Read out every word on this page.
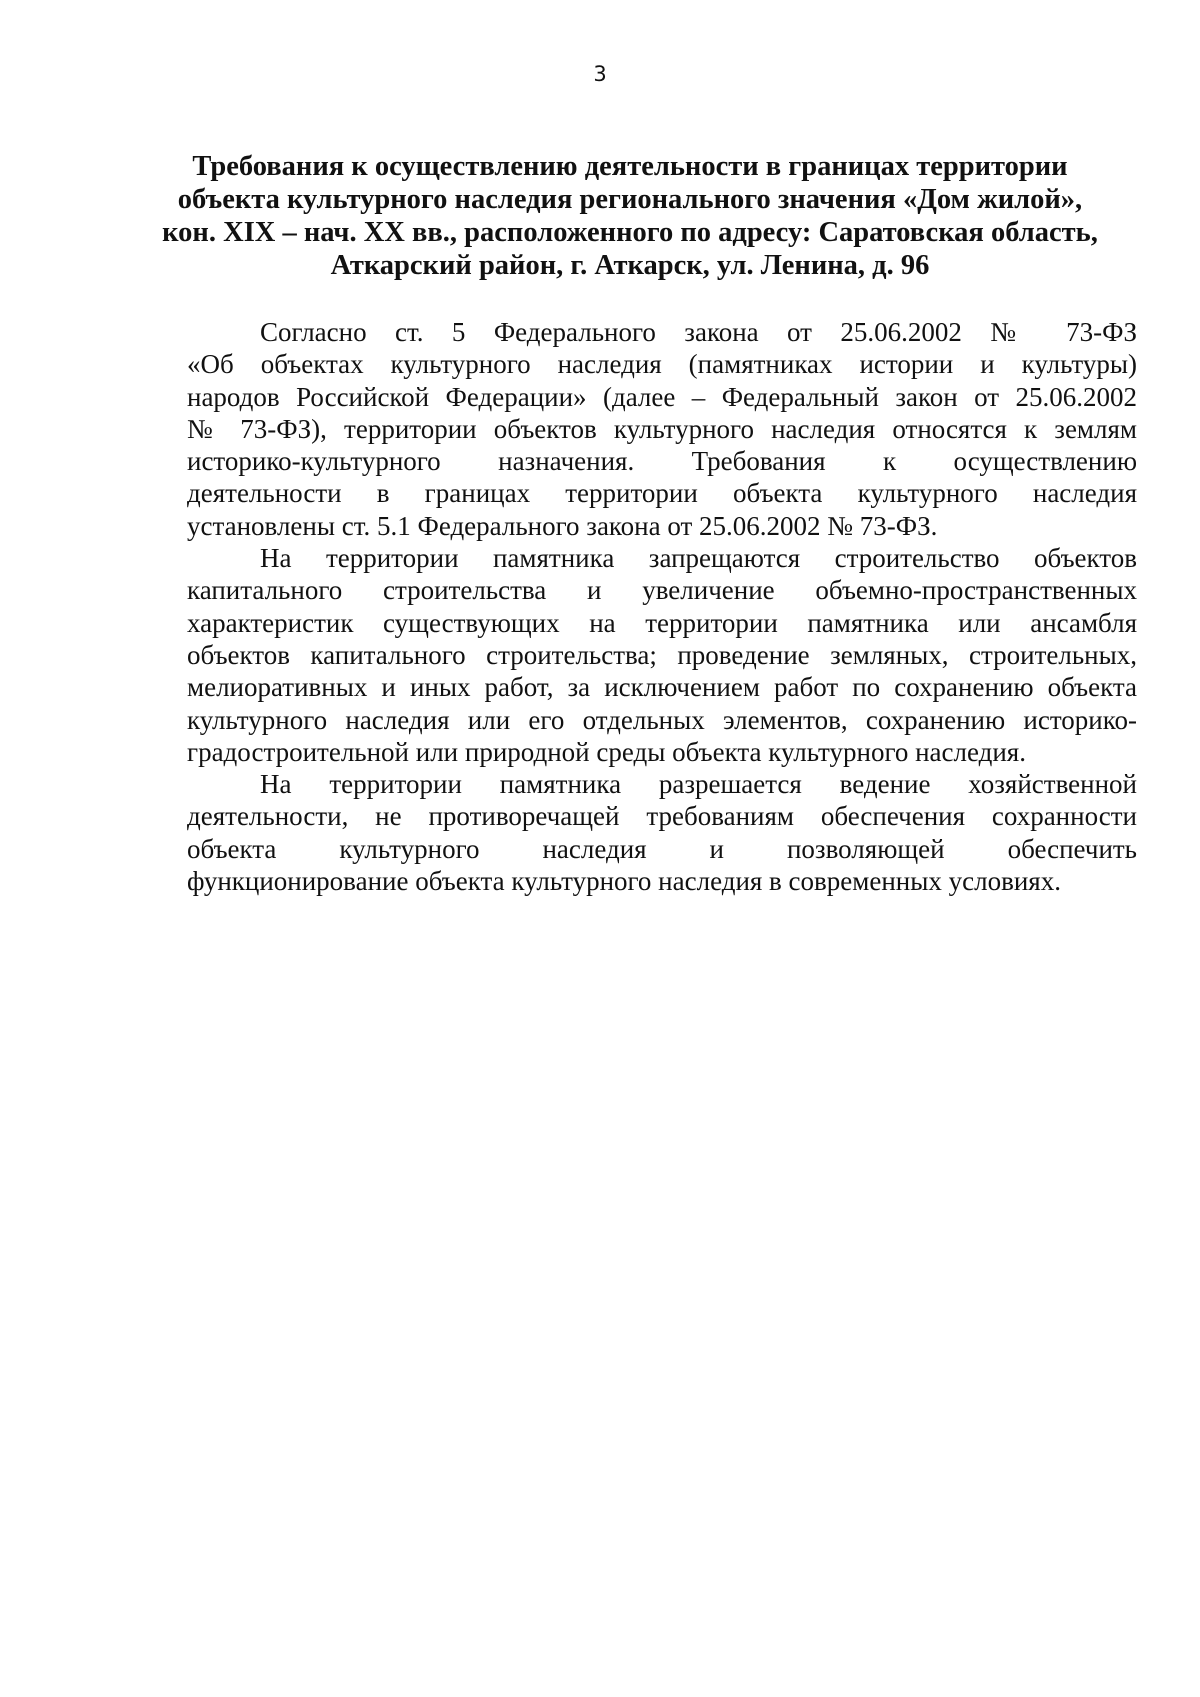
3
Требования к осуществлению деятельности в границах территории
объекта культурного наследия регионального значения «Дом жилой»,
кон. XIX – нач. XX вв., расположенного по адресу: Саратовская область,
Аткарский район, г. Аткарск, ул. Ленина, д. 96
Согласно ст. 5 Федерального закона от 25.06.2002 № 73-ФЗ
«Об объектах культурного наследия (памятниках истории и культуры)
народов Российской Федерации» (далее – Федеральный закон от 25.06.2002
№ 73-ФЗ), территории объектов культурного наследия относятся к землям
историко-культурного назначения. Требования к осуществлению
деятельности в границах территории объекта культурного наследия
установлены ст. 5.1 Федерального закона от 25.06.2002 № 73-ФЗ.
На территории памятника запрещаются строительство объектов
капитального строительства и увеличение объемно-пространственных
характеристик существующих на территории памятника или ансамбля
объектов капитального строительства; проведение земляных, строительных,
мелиоративных и иных работ, за исключением работ по сохранению объекта
культурного наследия или его отдельных элементов, сохранению историко-
градостроительной или природной среды объекта культурного наследия.
На территории памятника разрешается ведение хозяйственной
деятельности, не противоречащей требованиям обеспечения сохранности
объекта культурного наследия и позволяющей обеспечить
функционирование объекта культурного наследия в современных условиях.
